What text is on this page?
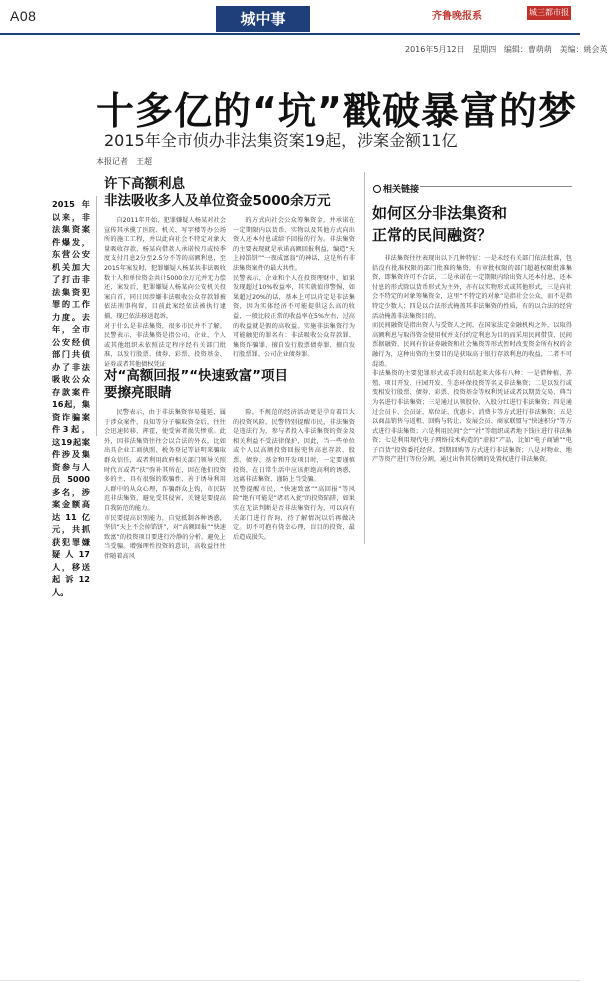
A08	城中事	齐鲁晚报系	城三都市报
2016年5月12日 星期四 编辑：曹萌萌 美编：姚会英
十多亿的“坑”戳破暴富的梦
2015年全市侦办非法集资案19起，涉案金额11亿
本报记者　王超
2015年以来，非法集资案件爆发，东营公安机关加大了打击非法集资犯罪的工作力度。去年，全市公安经侦部门共侦办了非法吸收公众存款案件16起，集资诈骗案件3起，这19起案件涉及集资参与人员5000多名，涉案金额高达11亿元，共抓获犯罪嫌疑人17人，移送起诉12人。
许下高额利息
非法吸收多人及单位资金5000余万元
自2011年开始，犯罪嫌疑人杨某对社会宣传其承揽了医院、机关、写字楼等办公场所的施工工程，并以此向社会不特定对象大量吸收存款，杨某向借款人承诺按月或按季度支付月息2分至2.5分不等的高额利息，至2015年案发时，犯罪嫌疑人杨某共非法吸收数十人和单位资金共计5000余万元并无力偿还，案发后，犯罪嫌疑人杨某向公安机关投案自首，同日因涉嫌非法吸收公众存款罪被依法刑事拘留，目前此案经依法被执行逮捕，现已依法移送起诉。
对于什么是非法集资，很多市民并不了解。民警表示，非法集资是指公司、企业、个人或其他组织未依照法定程序经有关部门批准，以发行股票、债券、彩票、投资基金、证券或者其他债权凭证
的方式向社会公众筹集资金，并承诺在一定期限内以货币、实物以及其他方式向出资人还本付息或给予回报的行为。非法集资的主要表现就是承诺高额回报利益，编造“天上掉馅饼”“一夜成富翁”的神话，这是所有非法集资案件的最大共性。
民警表示，企业和个人在投资理财中，如果发现超过10%收益率，其实就值得警惕，如果超过20%的话，基本上可以肯定是非法集资，因为实体经济不可能提供这么高的收益，一般比较正常的收益率在5%左右，过高的收益就是假的高收益。实施非法集资行为可能触犯的罪名有：非法吸收公众存款罪、集资诈骗罪、擅自发行股票债券罪、擅自发行股票罪、公司企业债券罪。
对“高额回报”“快速致富”项目
要擦亮眼睛
民警表示，由于非法集资容易蔓延、属于涉众案件，良知等分子骗取资金后，往往会迅速转移、挥霍，使受害者损失惨重。此外，因非法集资往往会以合法的外衣，比如出具企业工商执照、税务登记等证明来骗取群众信任，或者利用政府相关部门领导关照时代言或者“扶”弥补其所在，因在他们投资多的主，具有很强的欺骗性，善于诱导利用人群中的从众心理，诈骗群众上钩，市民防范非法集资，避免受其侵害，关键是要提高自我防范的能力。
市民要提高识别能力，自觉抵制各种诱惑，坚信“天上不会掉馅饼”，对“高额回报”“快速致富”的投资项目要进行冷静的分析，避免上当受骗。增强理性投资的意识，高收益往往伴随着高风
险，不规范的经济活动更是孕育着巨大的投资风险。民警特别提醒市民，非法集资是违法行为，参与者投入非法集资的资金及相关利益不受法律保护，因此，当一些单位或个人以高额投资回报兜售高息存款、股票、债券、基金和开发项目时，一定要谨慎投资，在日常生活中应该拒绝高利的诱惑，远离非法集资、谨防上当受骗。
民警提醒市民，“快速致富”“高回报”等风险“绝有可能是”诸君入瓮”的投资陷阱，如果实在无法判断是否非法集资行为，可以向有关部门进行咨询，待了解情况以后再做决定。切不可抱有侥幸心理，盲目的投资，最后造成损失。
相关链接
如何区分非法集资和
正常的民间融资？
非法集资往往表现出以下几种特征：一是未经有关部门依法批准，包括没有批准权限的部门批准的集资，有审批权限的部门超越权限批准集资，即集资许可不合法，二是承诺在一定期限内给出资人还本付息，还本付息的形式除以货币形式为主外，亦有以实物形式或其他形式，三是向社会不特定的对象筹集资金，这里“不特定的对象”是指社会公众，而不是指特定少数人；四是以合法形式掩盖其非法集资的性质，有的以合法的经营活动掩盖非法集资目的。
而民间融资是指出资人与受资人之间，在国家法定金融机构之外，以取得高额利息与取得资金使用权并支付约定利息为目的而采用民间借贷、民间票据融资、民间有价证券融资和社会集资等形式暂时改变资金所有权的金融行为，这种出资的主要目的是获取高于银行存款利息的收益，二者不可混淆。
非法集资的主要犯罪形式或手段归结起来大体有八种：一是借种植、养殖、项目开发、庄园开发、生态环保投资等名义非法集资；二是以发行或变相发行股票、债券、彩票、投资基金等权利凭证或者以期货交易、典当为名进行非法集资；三是通过认领股份、入股分红进行非法集资；四是通过会员卡、会员证、席位证、优惠卡、消费卡等方式进行非法集资；五是以商品销售与返租、回购与转让、发展会员、商家联盟与“快速积分”等方式进行非法集资；六是利用民间“会”“社”等组织或者地下钱庄进行非法集资；七是利用现代电子网络技术构造的“虚拟”产品，比如“电子商铺”“电子百货”投资委托经营、到期回购等方式进行非法集资；八是对物业、地产等资产进行等份分割，通过出售其份额的处置权进行非法集资。
